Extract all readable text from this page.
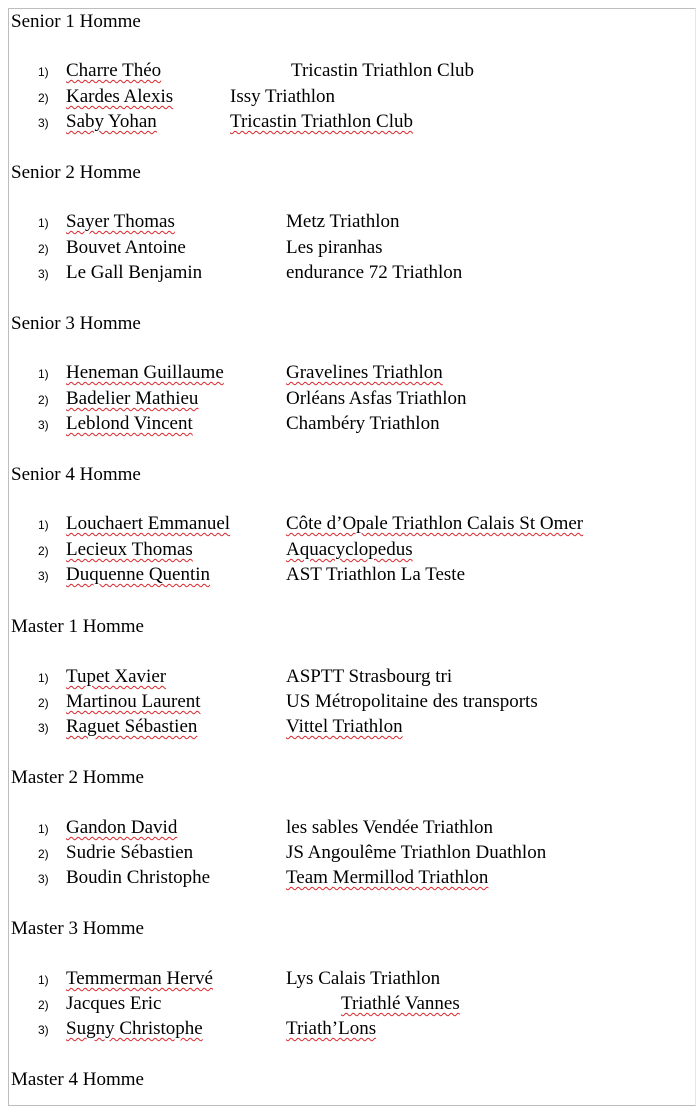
Senior 1 Homme
1) Charre Théo	Tricastin Triathlon Club
2) Kardes Alexis	Issy Triathlon
3) Saby Yohan	Tricastin Triathlon Club
Senior 2 Homme
1) Sayer Thomas	Metz Triathlon
2) Bouvet Antoine	Les piranhas
3) Le Gall Benjamin	endurance 72 Triathlon
Senior 3 Homme
1) Heneman Guillaume	Gravelines Triathlon
2) Badelier Mathieu	Orléans Asfas Triathlon
3) Leblond Vincent	Chambéry Triathlon
Senior 4 Homme
1) Louchaert Emmanuel	Côte d’Opale Triathlon Calais St Omer
2) Lecieux Thomas	Aquacyclopedus
3) Duquenne Quentin	AST Triathlon La Teste
Master 1 Homme
1) Tupet Xavier	ASPTT Strasbourg tri
2) Martinou Laurent	US Métropolitaine des transports
3) Raguet Sébastien	Vittel Triathlon
Master 2 Homme
1) Gandon David	les sables Vendée Triathlon
2) Sudrie Sébastien	JS Angoulême Triathlon Duathlon
3) Boudin Christophe	Team Mermillod Triathlon
Master 3 Homme
1) Temmerman Hervé	Lys Calais Triathlon
2) Jacques Eric	Triathlé Vannes
3) Sugny Christophe	Triath’Lons
Master 4 Homme
